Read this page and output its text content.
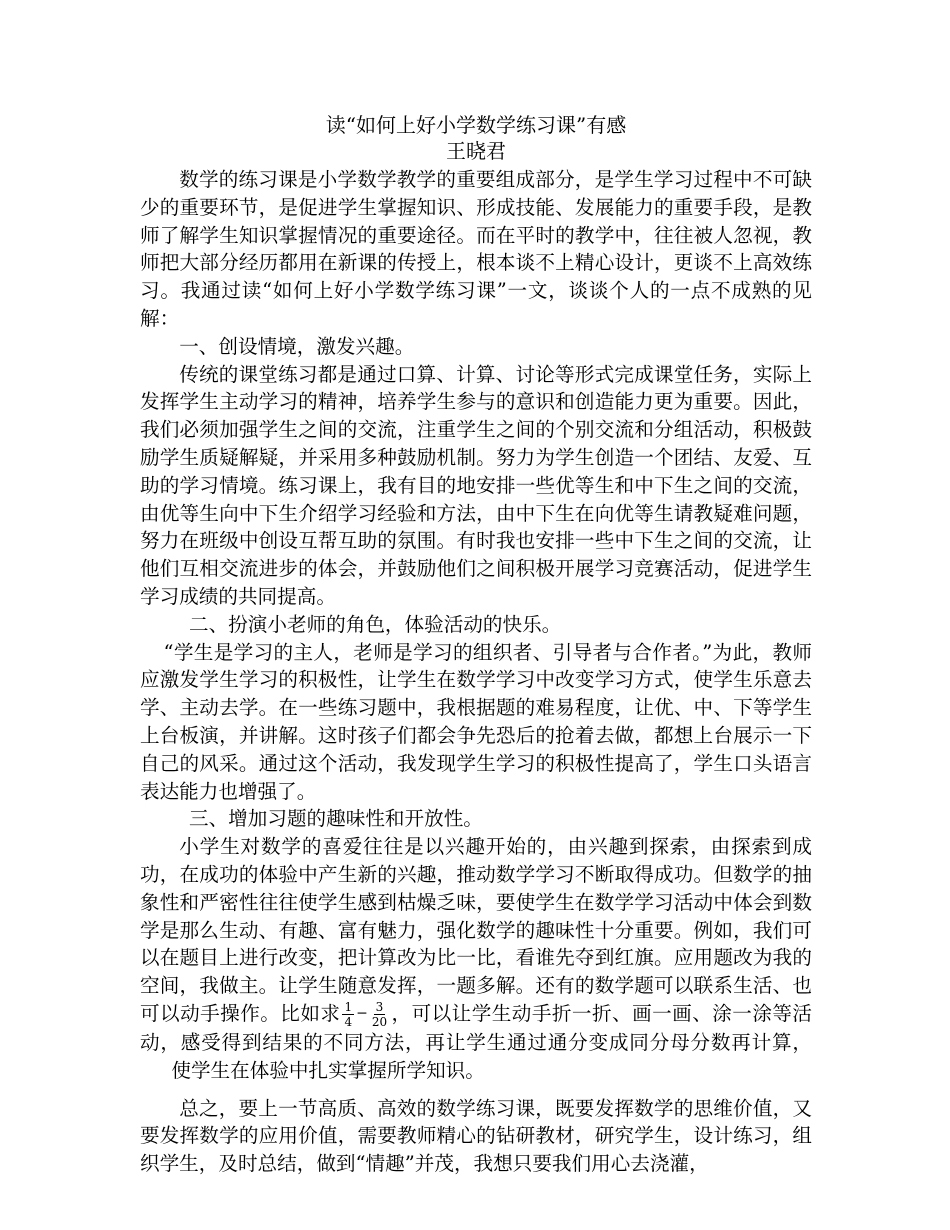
读“如何上好小学数学练习课”有感

王晓君

数学的练习课是小学数学教学的重要组成部分，是学生学习过程中不可缺少的重要环节，是促进学生掌握知识、形成技能、发展能力的重要手段，是教师了解学生知识掌握情况的重要途径。而在平时的教学中，往往被人忽视，教师把大部分经历都用在新课的传授上，根本谈不上精心设计，更谈不上高效练习。我通过读“如何上好小学数学练习课”一文，谈谈个人的一点不成熟的见解：

一、创设情境，激发兴趣。

传统的课堂练习都是通过口算、计算、讨论等形式完成课堂任务，实际上发挥学生主动学习的精神，培养学生参与的意识和创造能力更为重要。因此，我们必须加强学生之间的交流，注重学生之间的个别交流和分组活动，积极鼓励学生质疑解疑，并采用多种鼓励机制。努力为学生创造一个团结、友爱、互助的学习情境。练习课上，我有目的地安排一些优等生和中下生之间的交流，由优等生向中下生介绍学习经验和方法，由中下生在向优等生请教疑难问题，努力在班级中创设互帮互助的氛围。有时我也安排一些中下生之间的交流，让他们互相交流进步的体会，并鼓励他们之间积极开展学习竞赛活动，促进学生学习成绩的共同提高。

二、扮演小老师的角色，体验活动的快乐。

“学生是学习的主人，老师是学习的组织者、引导者与合作者。”为此，教师应激发学生学习的积极性，让学生在数学学习中改变学习方式，使学生乐意去学、主动去学。在一些练习题中，我根据题的难易程度，让优、中、下等学生上台板演，并讲解。这时孩子们都会争先恐后的抢着去做，都想上台展示一下自己的风采。通过这个活动，我发现学生学习的积极性提高了，学生口头语言表达能力也增强了。

三、增加习题的趣味性和开放性。

小学生对数学的喜爱往往是以兴趣开始的，由兴趣到探索，由探索到成功，在成功的体验中产生新的兴趣，推动数学学习不断取得成功。但数学的抽象性和严密性往往使学生感到枯燥乏味，要使学生在数学学习活动中体会到数学是那么生动、有趣、富有魅力，强化数学的趣味性十分重要。例如，我们可以在题目上进行改变，把计算改为比一比，看谁先夺到红旗。应用题改为我的空间，我做主。让学生随意发挥，一题多解。还有的数学题可以联系生活、也可以动手操作。比如求 $\frac{1}{4} - \frac{3}{20}$ ，可以让学生动手折一折、画一画、涂一涂等活动，感受得到结果的不同方法，再让学生通过通分变成同分母分数再计算，使学生在体验中扎实掌握所学知识。

总之，要上一节高质、高效的数学练习课，既要发挥数学的思维价值，又要发挥数学的应用价值，需要教师精心的钻研教材，研究学生，设计练习，组织学生，及时总结，做到“情趣”并茂，我想只要我们用心去浇灌，
